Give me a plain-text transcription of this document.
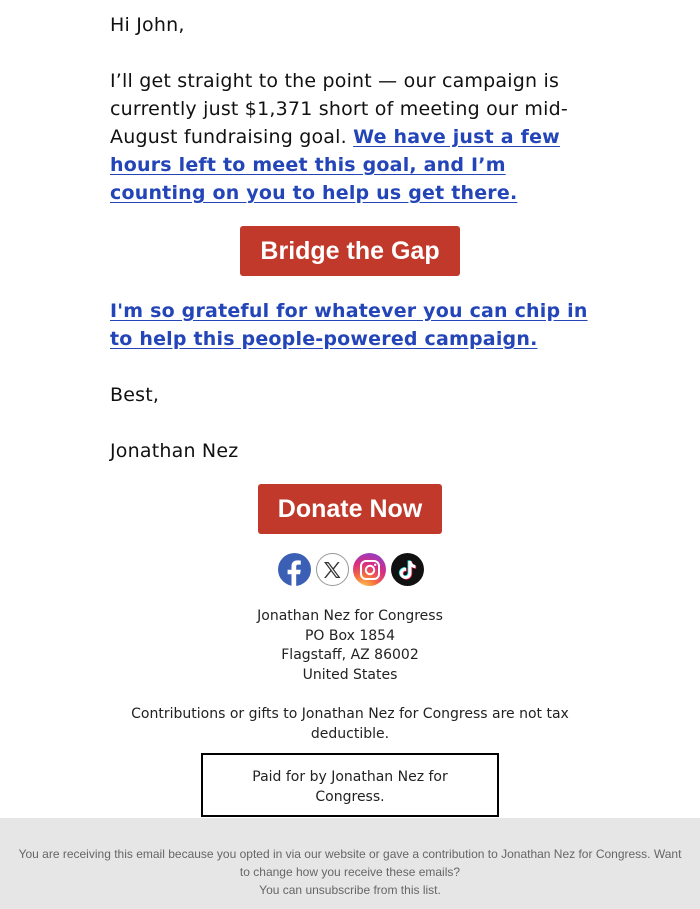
Hi John,

I’ll get straight to the point — our campaign is currently just $1,371 short of meeting our mid-August fundraising goal. We have just a few hours left to meet this goal, and I’m counting on you to help us get there.

I'm so grateful for whatever you can chip in to help this people-powered campaign.

Best,

Jonathan Nez

Bridge the Gap
Donate Now
Jonathan Nez for Congress
PO Box 1854
Flagstaff, AZ 86002
United States
Contributions or gifts to Jonathan Nez for Congress are not tax deductible.
Paid for by Jonathan Nez for Congress.
You are receiving this email because you opted in via our website or gave a contribution to Jonathan Nez for Congress. Want to change how you receive these emails?
You can unsubscribe from this list.
